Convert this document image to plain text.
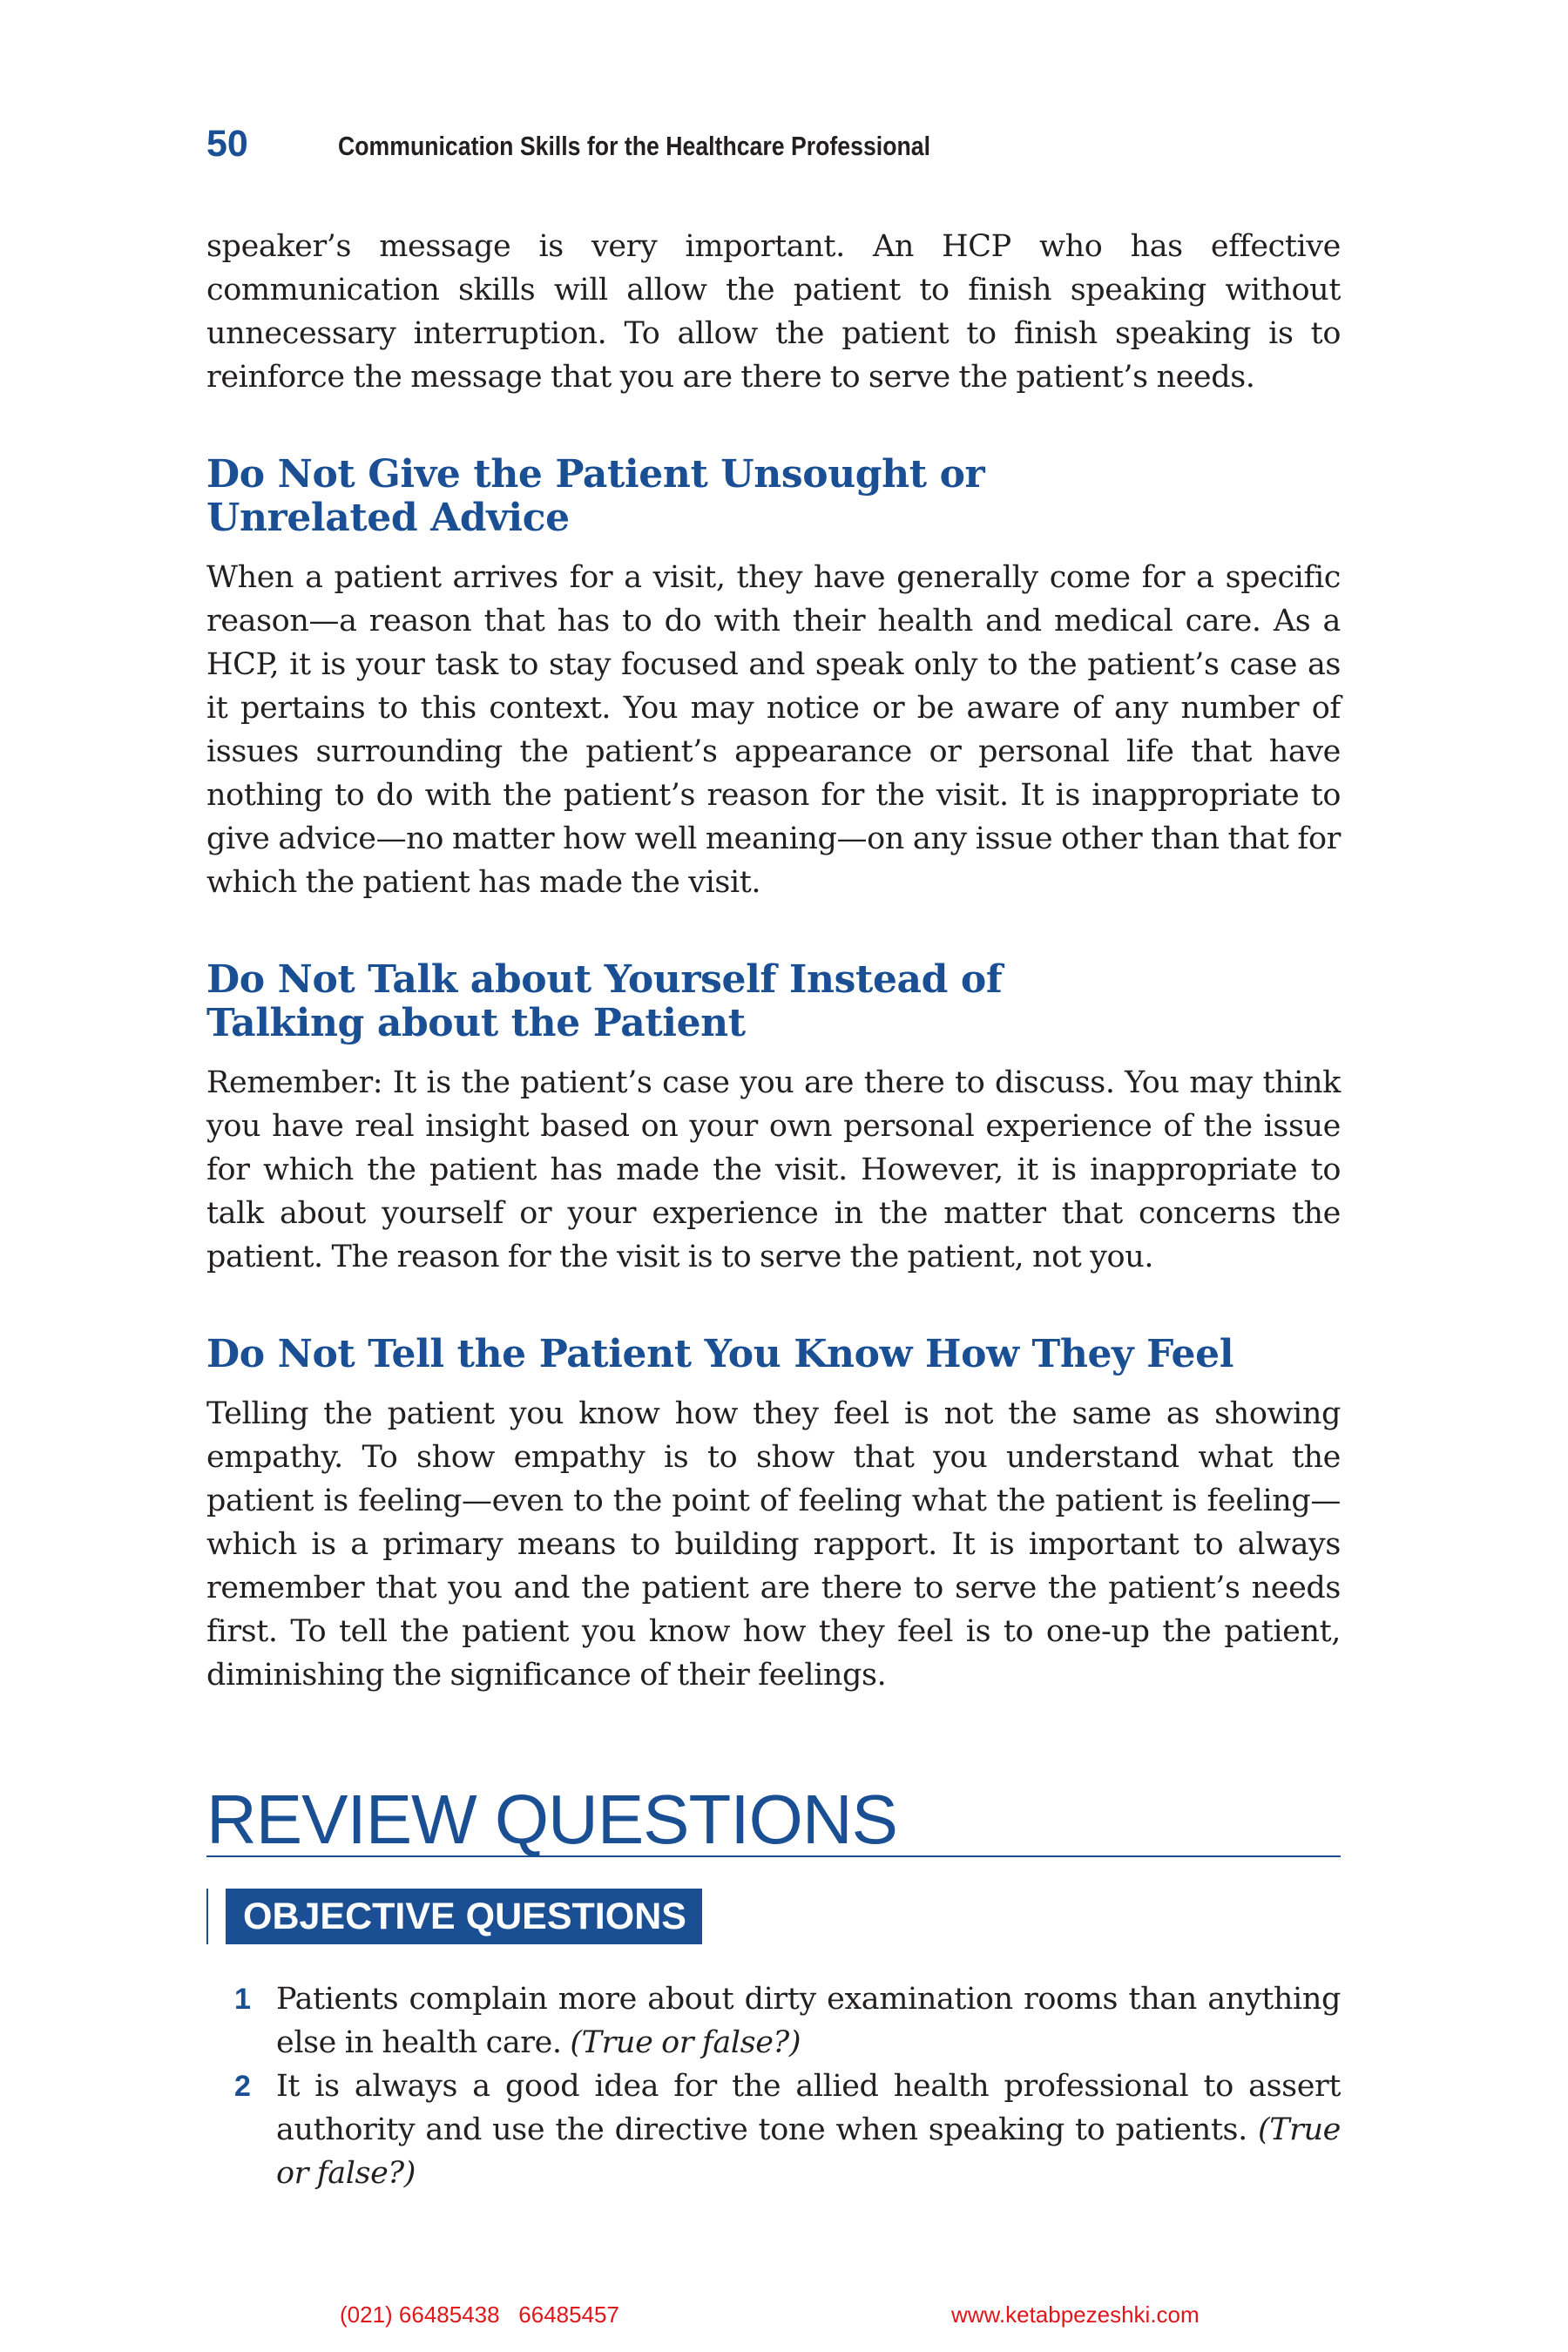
50	Communication Skills for the Healthcare Professional

speaker’s message is very important. An HCP who has effective communication skills will allow the patient to finish speaking without unnecessary interruption. To allow the patient to finish speaking is to reinforce the message that you are there to serve the patient’s needs.

Do Not Give the Patient Unsought or
Unrelated Advice

When a patient arrives for a visit, they have generally come for a specific reason—a reason that has to do with their health and medical care. As a HCP, it is your task to stay focused and speak only to the patient’s case as it pertains to this context. You may notice or be aware of any number of issues surrounding the patient’s appearance or personal life that have nothing to do with the patient’s reason for the visit. It is inappropriate to give advice—no matter how well meaning—on any issue other than that for which the patient has made the visit.

Do Not Talk about Yourself Instead of
Talking about the Patient

Remember: It is the patient’s case you are there to discuss. You may think you have real insight based on your own personal experience of the issue for which the patient has made the visit. However, it is inappropriate to talk about yourself or your experience in the matter that concerns the patient. The reason for the visit is to serve the patient, not you.

Do Not Tell the Patient You Know How They Feel

Telling the patient you know how they feel is not the same as showing empathy. To show empathy is to show that you understand what the patient is feeling—even to the point of feeling what the patient is feeling—which is a primary means to building rapport. It is important to always remember that you and the patient are there to serve the patient’s needs first. To tell the patient you know how they feel is to one-up the patient, diminishing the significance of their feelings.

REVIEW QUESTIONS
OBJECTIVE QUESTIONS
1 Patients complain more about dirty examination rooms than anything else in health care. (True or false?)
2 It is always a good idea for the allied health professional to assert authority and use the directive tone when speaking to patients. (True or false?)
(021) 66485438   66485457	www.ketabpezeshki.com
